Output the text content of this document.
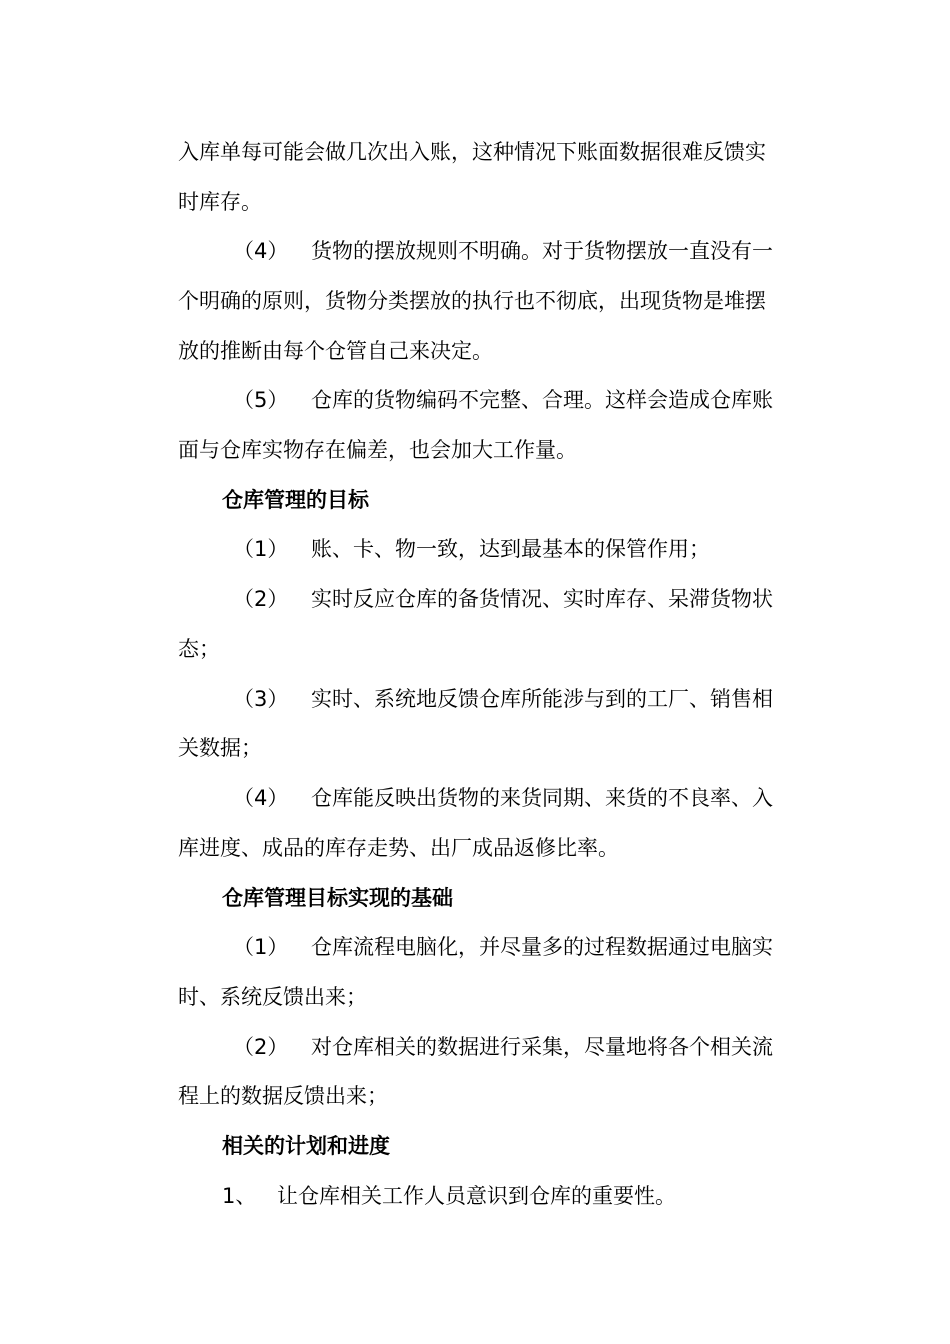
入库单每可能会做几次出入账，这种情况下账面数据很难反馈实
时库存。
（4） 货物的摆放规则不明确。对于货物摆放一直没有一
个明确的原则，货物分类摆放的执行也不彻底，出现货物是堆摆
放的推断由每个仓管自己来决定。
（5） 仓库的货物编码不完整、合理。这样会造成仓库账
面与仓库实物存在偏差，也会加大工作量。
仓库管理的目标
（1） 账、卡、物一致，达到最基本的保管作用；
（2） 实时反应仓库的备货情况、实时库存、呆滞货物状
态；
（3） 实时、系统地反馈仓库所能涉与到的工厂、销售相
关数据；
（4） 仓库能反映出货物的来货同期、来货的不良率、入
库进度、成品的库存走势、出厂成品返修比率。
仓库管理目标实现的基础
（1） 仓库流程电脑化，并尽量多的过程数据通过电脑实
时、系统反馈出来；
（2） 对仓库相关的数据进行采集，尽量地将各个相关流
程上的数据反馈出来；
相关的计划和进度
1、 让仓库相关工作人员意识到仓库的重要性。
